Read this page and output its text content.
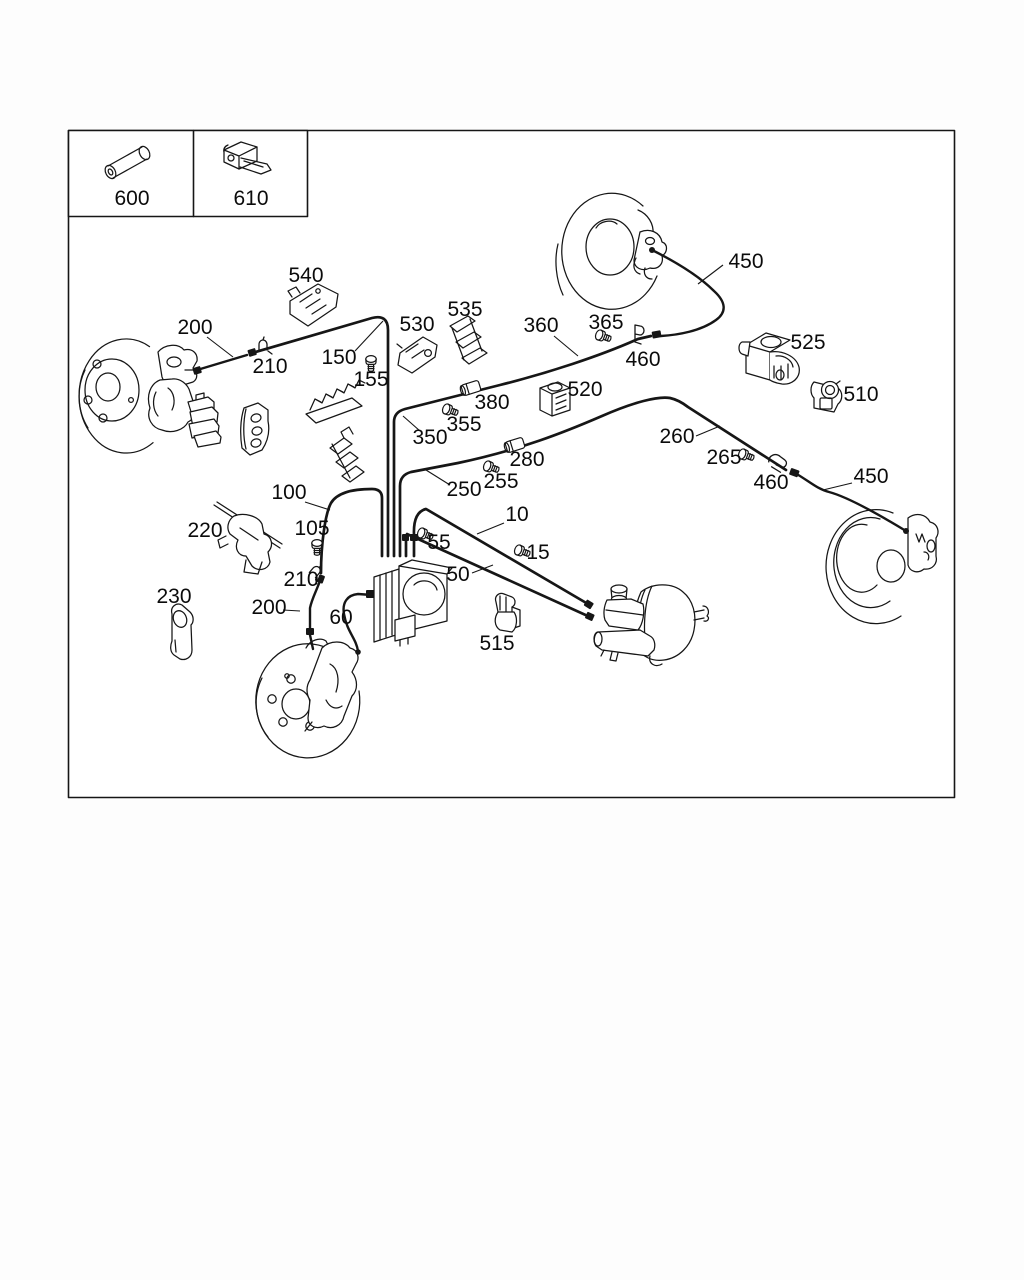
600	610
540
200
210 150
155
530
535
360 365
460
450
525
510
520
380
355
350
250
280
255
260
265
460	450
100
105
10
55	15
50
220
210
200
230
60
515
